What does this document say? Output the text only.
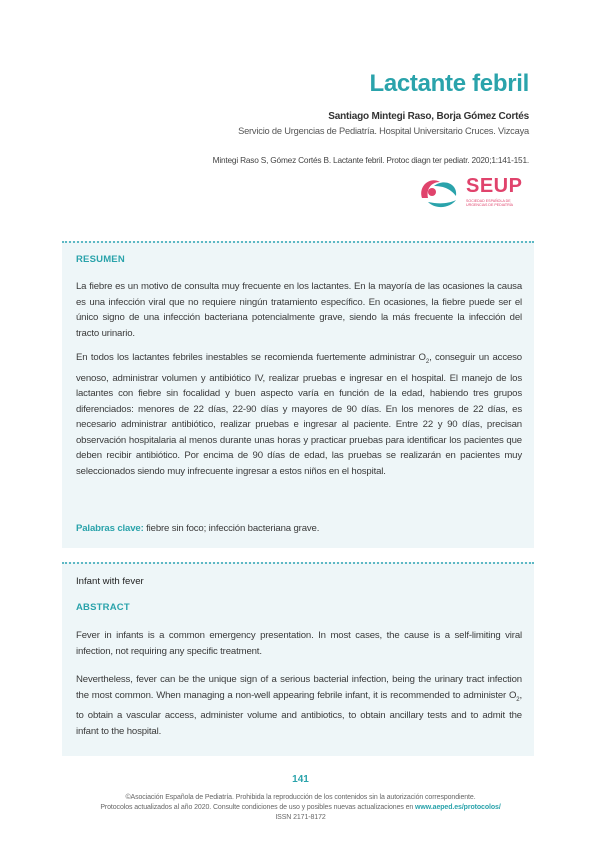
Lactante febril
Santiago Mintegi Raso, Borja Gómez Cortés
Servicio de Urgencias de Pediatría. Hospital Universitario Cruces. Vizcaya
Mintegi Raso S, Gómez Cortés B. Lactante febril. Protoc diagn ter pediatr. 2020;1:141-151.
SEUP
SOCIEDAD ESPAÑOLA DE URGENCIAS DE PEDIATRÍA
RESUMEN

La fiebre es un motivo de consulta muy frecuente en los lactantes. En la mayoría de las ocasiones la causa es una infección viral que no requiere ningún tratamiento específico. En ocasiones, la fiebre puede ser el único signo de una infección bacteriana potencialmente grave, siendo la más frecuente la infección del tracto urinario.

En todos los lactantes febriles inestables se recomienda fuertemente administrar $O_2$, conseguir un acceso venoso, administrar volumen y antibiótico IV, realizar pruebas e ingresar en el hospital. El manejo de los lactantes con fiebre sin focalidad y buen aspecto varía en función de la edad, habiendo tres grupos diferenciados: menores de 22 días, 22-90 días y mayores de 90 días. En los menores de 22 días, es necesario administrar antibiótico, realizar pruebas e ingresar al paciente. Entre 22 y 90 días, precisan observación hospitalaria al menos durante unas horas y practicar pruebas para identificar los pacientes que deben recibir antibiótico. Por encima de 90 días de edad, las pruebas se realizarán en pacientes muy seleccionados siendo muy infrecuente ingresar a estos niños en el hospital.

Palabras clave: fiebre sin foco; infección bacteriana grave.

Infant with fever
ABSTRACT

Fever in infants is a common emergency presentation. In most cases, the cause is a self-limiting viral infection, not requiring any specific treatment.

Nevertheless, fever can be the unique sign of a serious bacterial infection, being the urinary tract infection the most common. When managing a non-well appearing febrile infant, it is recommended to administer $O_2$, to obtain a vascular access, administer volume and antibiotics, to obtain ancillary tests and to admit the infant to the hospital.

141
©Asociación Española de Pediatría. Prohibida la reproducción de los contenidos sin la autorización correspondiente.
Protocolos actualizados al año 2020. Consulte condiciones de uso y posibles nuevas actualizaciones en www.aeped.es/protocolos/
ISSN 2171-8172
